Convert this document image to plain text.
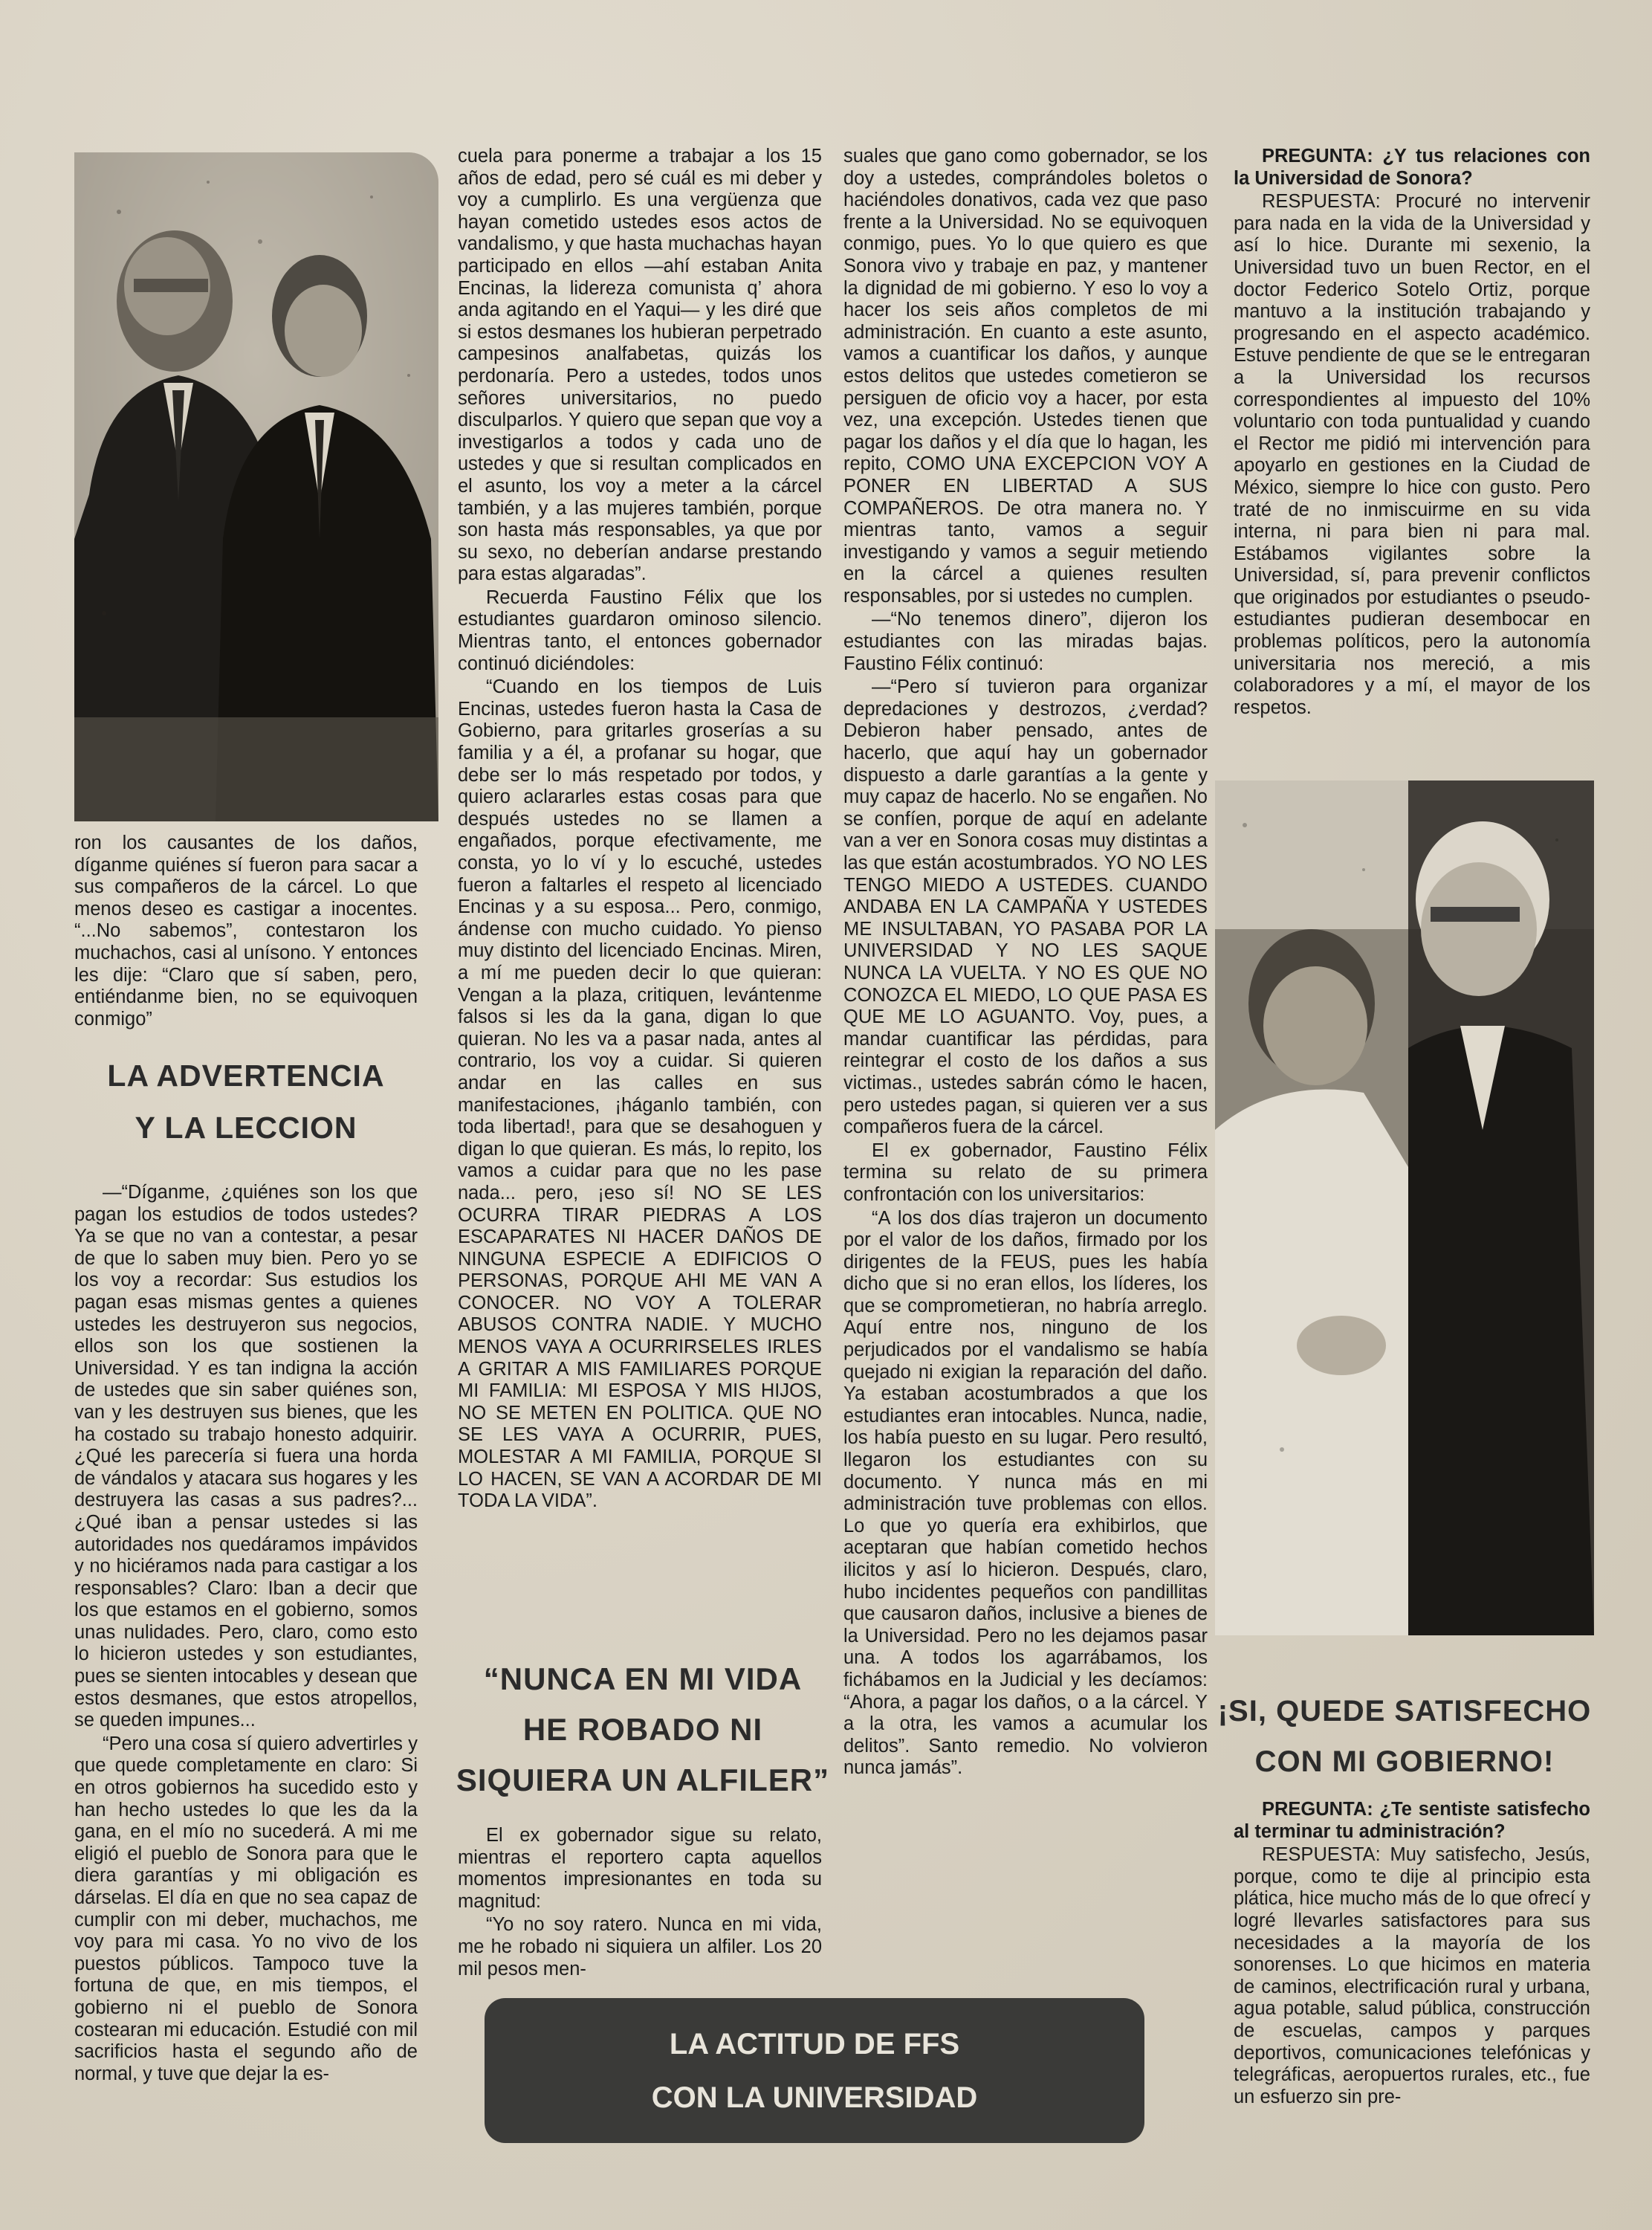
ron los causantes de los daños, díganme quiénes sí fueron para sacar a sus compañeros de la cárcel. Lo que menos deseo es castigar a inocentes. “...No sabemos”, contestaron los muchachos, casi al unísono. Y entonces les dije: “Claro que sí saben, pero, entiéndanme bien, no se equivoquen conmigo”

LA ADVERTENCIA
Y LA LECCION

—“Díganme, ¿quiénes son los que pagan los estudios de todos ustedes? Ya se que no van a contestar, a pesar de que lo saben muy bien. Pero yo se los voy a recordar: Sus estudios los pagan esas mismas gentes a quienes ustedes les destruyeron sus negocios, ellos son los que sostienen la Universidad. Y es tan indigna la acción de ustedes que sin saber quiénes son, van y les destruyen sus bienes, que les ha costado su trabajo honesto adquirir. ¿Qué les parecería si fuera una horda de vándalos y atacara sus hogares y les destruyera las casas a sus padres?... ¿Qué iban a pensar ustedes si las autoridades nos quedáramos impávidos y no hiciéramos nada para castigar a los responsables? Claro: Iban a decir que los que estamos en el gobierno, somos unas nulidades. Pero, claro, como esto lo hicieron ustedes y son estudiantes, pues se sienten intocables y desean que estos desmanes, que estos atropellos, se queden impunes...

“Pero una cosa sí quiero advertirles y que quede completamente en claro: Si en otros gobiernos ha sucedido esto y han hecho ustedes lo que les da la gana, en el mío no sucederá. A mi me eligió el pueblo de Sonora para que le diera garantías y mi obligación es dárselas. El día en que no sea capaz de cumplir con mi deber, muchachos, me voy para mi casa. Yo no vivo de los puestos públicos. Tampoco tuve la fortuna de que, en mis tiempos, el gobierno ni el pueblo de Sonora costearan mi educación. Estudié con mil sacrificios hasta el segundo año de normal, y tuve que dejar la es-

cuela para ponerme a trabajar a los 15 años de edad, pero sé cuál es mi deber y voy a cumplirlo. Es una vergüenza que hayan cometido ustedes esos actos de vandalismo, y que hasta muchachas hayan participado en ellos —ahí estaban Anita Encinas, la lidereza comunista q’ ahora anda agitando en el Yaqui— y les diré que si estos desmanes los hubieran perpetrado campesinos analfabetas, quizás los perdonaría. Pero a ustedes, todos unos señores universitarios, no puedo disculparlos. Y quiero que sepan que voy a investigarlos a todos y cada uno de ustedes y que si resultan complicados en el asunto, los voy a meter a la cárcel también, y a las mujeres también, porque son hasta más responsables, ya que por su sexo, no deberían andarse prestando para estas algaradas”.

Recuerda Faustino Félix que los estudiantes guardaron ominoso silencio. Mientras tanto, el entonces gobernador continuó diciéndoles:

“Cuando en los tiempos de Luis Encinas, ustedes fueron hasta la Casa de Gobierno, para gritarles groserías a su familia y a él, a profanar su hogar, que debe ser lo más respetado por todos, y quiero aclararles estas cosas para que después ustedes no se llamen a engañados, porque efectivamente, me consta, yo lo ví y lo escuché, ustedes fueron a faltarles el respeto al licenciado Encinas y a su esposa... Pero, conmigo, ándense con mucho cuidado. Yo pienso muy distinto del licenciado Encinas. Miren, a mí me pueden decir lo que quieran: Vengan a la plaza, critiquen, levántenme falsos si les da la gana, digan lo que quieran. No les va a pasar nada, antes al contrario, los voy a cuidar. Si quieren andar en las calles en sus manifestaciones, ¡háganlo también, con toda libertad!, para que se desahoguen y digan lo que quieran. Es más, lo repito, los vamos a cuidar para que no les pase nada... pero, ¡eso sí! NO SE LES OCURRA TIRAR PIEDRAS A LOS ESCAPARATES NI HACER DAÑOS DE NINGUNA ESPECIE A EDIFICIOS O PERSONAS, PORQUE AHI ME VAN A CONOCER. NO VOY A TOLERAR ABUSOS CONTRA NADIE. Y MUCHO MENOS VAYA A OCURRIRSELES IRLES A GRITAR A MIS FAMILIARES PORQUE MI FAMILIA: MI ESPOSA Y MIS HIJOS, NO SE METEN EN POLITICA. QUE NO SE LES VAYA A OCURRIR, PUES, MOLESTAR A MI FAMILIA, PORQUE SI LO HACEN, SE VAN A ACORDAR DE MI TODA LA VIDA”.

“NUNCA EN MI VIDA
HE ROBADO NI
SIQUIERA UN ALFILER”

El ex gobernador sigue su relato, mientras el reportero capta aquellos momentos impresionantes en toda su magnitud:

“Yo no soy ratero. Nunca en mi vida, me he robado ni siquiera un alfiler. Los 20 mil pesos men-

suales que gano como gobernador, se los doy a ustedes, comprándoles boletos o haciéndoles donativos, cada vez que paso frente a la Universidad. No se equivoquen conmigo, pues. Yo lo que quiero es que Sonora vivo y trabaje en paz, y mantener la dignidad de mi gobierno. Y eso lo voy a hacer los seis años completos de mi administración. En cuanto a este asunto, vamos a cuantificar los daños, y aunque estos delitos que ustedes cometieron se persiguen de oficio voy a hacer, por esta vez, una excepción. Ustedes tienen que pagar los daños y el día que lo hagan, les repito, COMO UNA EXCEPCION VOY A PONER EN LIBERTAD A SUS COMPAÑEROS. De otra manera no. Y mientras tanto, vamos a seguir investigando y vamos a seguir metiendo en la cárcel a quienes resulten responsables, por si ustedes no cumplen.

—“No tenemos dinero”, dijeron los estudiantes con las miradas bajas. Faustino Félix continuó:

—“Pero sí tuvieron para organizar depredaciones y destrozos, ¿verdad? Debieron haber pensado, antes de hacerlo, que aquí hay un gobernador dispuesto a darle garantías a la gente y muy capaz de hacerlo. No se engañen. No se confíen, porque de aquí en adelante van a ver en Sonora cosas muy distintas a las que están acostumbrados. YO NO LES TENGO MIEDO A USTEDES. CUANDO ANDABA EN LA CAMPAÑA Y USTEDES ME INSULTABAN, YO PASABA POR LA UNIVERSIDAD Y NO LES SAQUE NUNCA LA VUELTA. Y NO ES QUE NO CONOZCA EL MIEDO, LO QUE PASA ES QUE ME LO AGUANTO. Voy, pues, a mandar cuantificar las pérdidas, para reintegrar el costo de los daños a sus victimas., ustedes sabrán cómo le hacen, pero ustedes pagan, si quieren ver a sus compañeros fuera de la cárcel.

El ex gobernador, Faustino Félix termina su relato de su primera confrontación con los universitarios:

“A los dos días trajeron un documento por el valor de los daños, firmado por los dirigentes de la FEUS, pues les había dicho que si no eran ellos, los líderes, los que se comprometieran, no habría arreglo. Aquí entre nos, ninguno de los perjudicados por el vandalismo se había quejado ni exigian la reparación del daño. Ya estaban acostumbrados a que los estudiantes eran intocables. Nunca, nadie, los había puesto en su lugar. Pero resultó, llegaron los estudiantes con su documento. Y nunca más en mi administración tuve problemas con ellos. Lo que yo quería era exhibirlos, que aceptaran que habían cometido hechos ilicitos y así lo hicieron. Después, claro, hubo incidentes pequeños con pandillitas que causaron daños, inclusive a bienes de la Universidad. Pero no les dejamos pasar una. A todos los agarrábamos, los fichábamos en la Judicial y les decíamos: “Ahora, a pagar los daños, o a la cárcel. Y a la otra, les vamos a acumular los delitos”. Santo remedio. No volvieron nunca jamás”.

PREGUNTA: ¿Y tus relaciones con la Universidad de Sonora?

RESPUESTA: Procuré no intervenir para nada en la vida de la Universidad y así lo hice. Durante mi sexenio, la Universidad tuvo un buen Rector, en el doctor Federico Sotelo Ortiz, porque mantuvo a la institución trabajando y progresando en el aspecto académico. Estuve pendiente de que se le entregaran a la Universidad los recursos correspondientes al impuesto del 10% voluntario con toda puntualidad y cuando el Rector me pidió mi intervención para apoyarlo en gestiones en la Ciudad de México, siempre lo hice con gusto. Pero traté de no inmiscuirme en su vida interna, ni para bien ni para mal. Estábamos vigilantes sobre la Universidad, sí, para prevenir conflictos que originados por estudiantes o pseudo-estudiantes pudieran desembocar en problemas políticos, pero la autonomía universitaria nos mereció, a mis colaboradores y a mí, el mayor de los respetos.

¡SI, QUEDE SATISFECHO
CON MI GOBIERNO!

PREGUNTA: ¿Te sentiste satisfecho al terminar tu administración?

RESPUESTA: Muy satisfecho, Jesús, porque, como te dije al principio esta plática, hice mucho más de lo que ofrecí y logré llevarles satisfactores para sus necesidades a la mayoría de los sonorenses. Lo que hicimos en materia de caminos, electrificación rural y urbana, agua potable, salud pública, construcción de escuelas, campos y parques deportivos, comunicaciones telefónicas y telegráficas, aeropuertos rurales, etc., fue un esfuerzo sin pre-

LA ACTITUD DE FFS
CON LA UNIVERSIDAD
